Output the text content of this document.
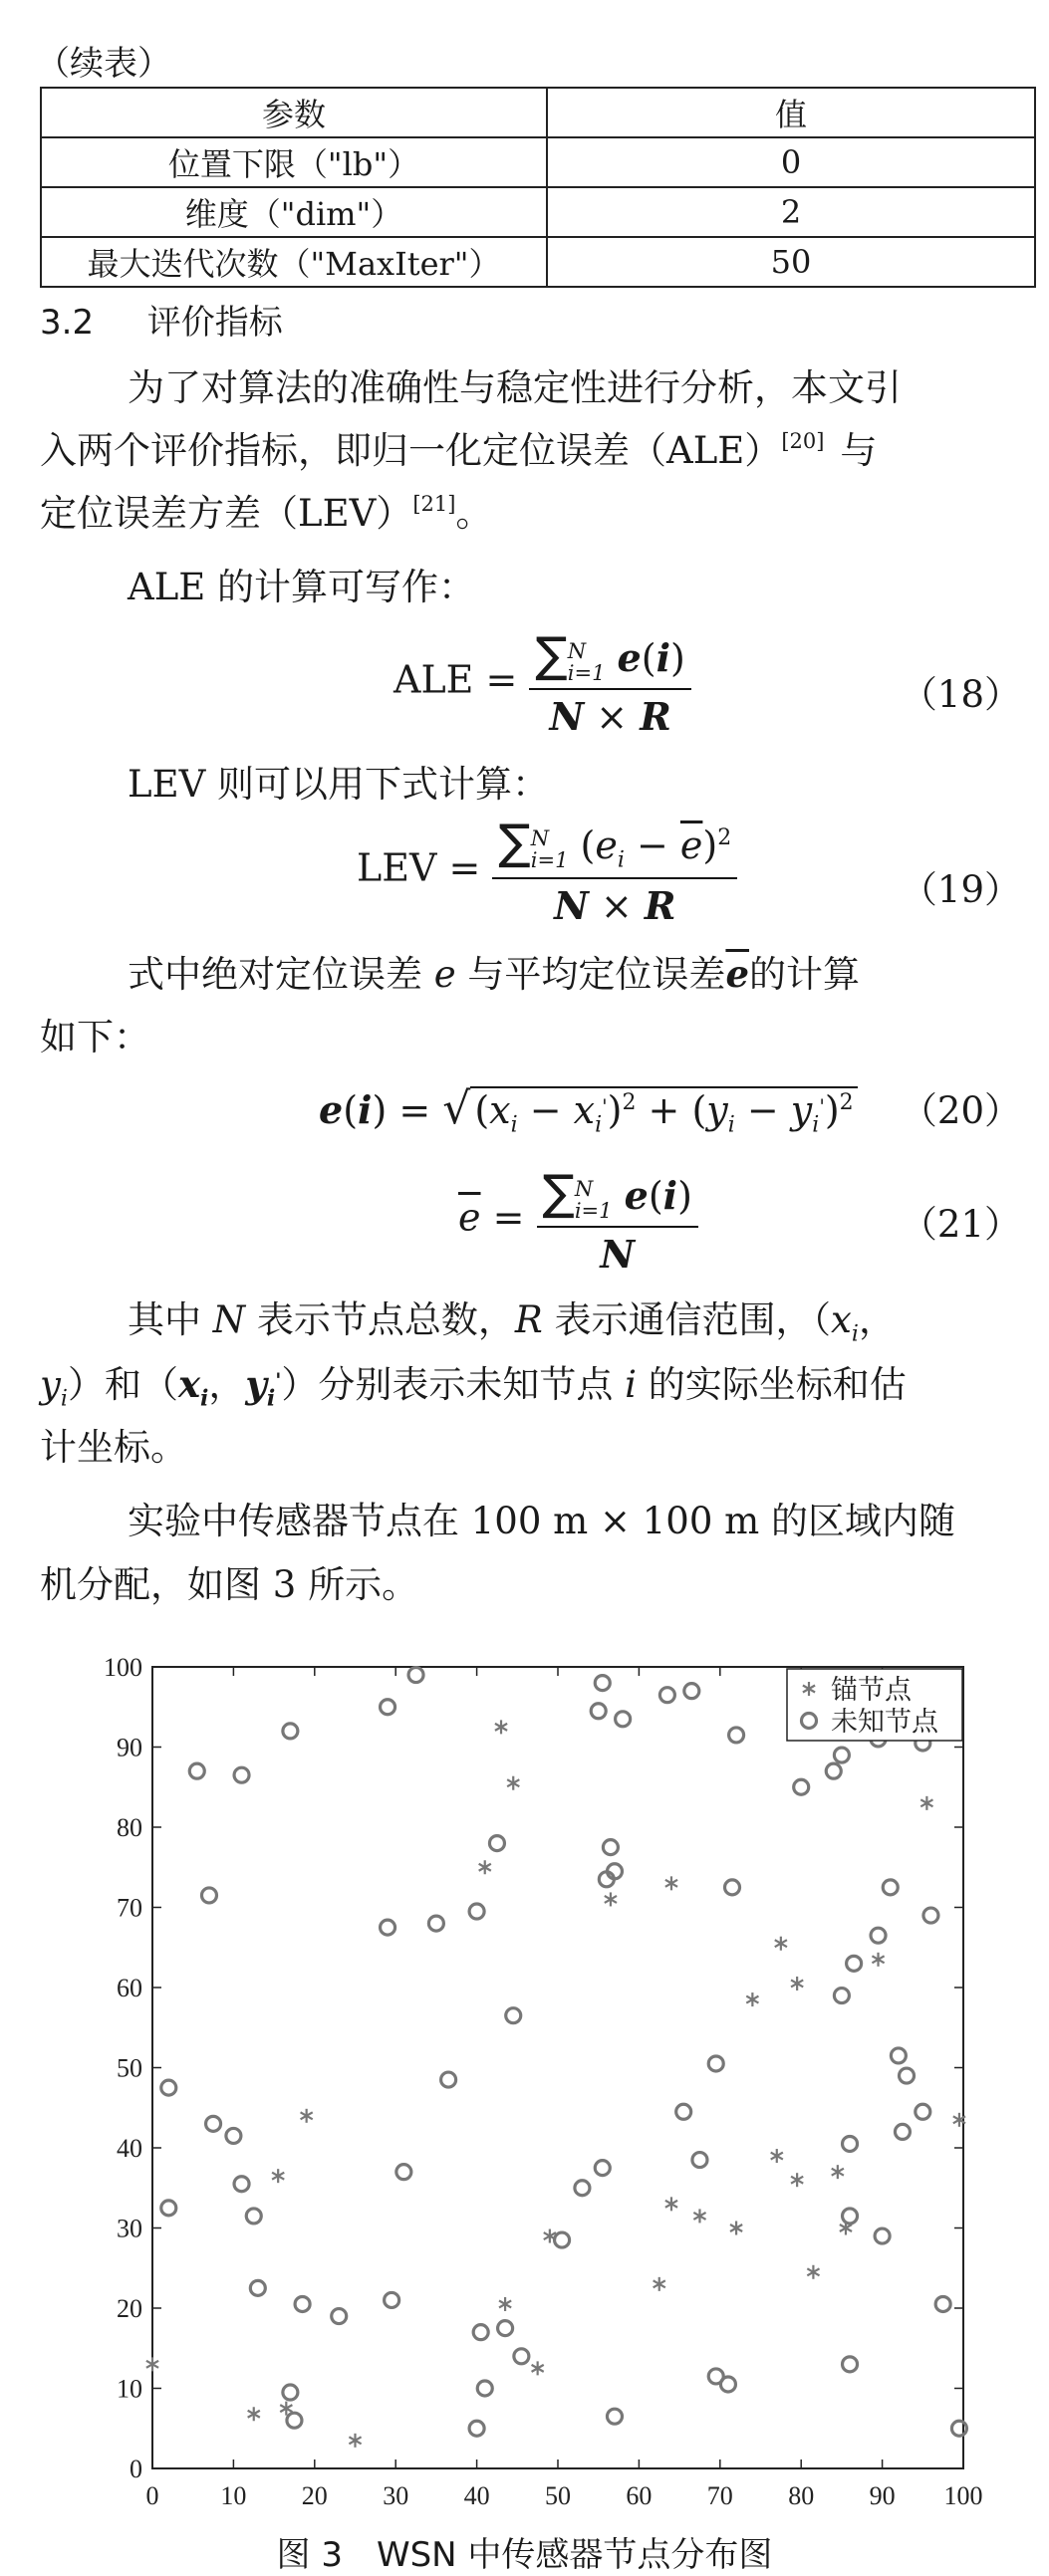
（续表）
参数	值
位置下限（"lb"）	0
维度（"dim"）	2
最大迭代次数（"MaxIter"）	50
3.2 评价指标
为了对算法的准确性与稳定性进行分析，本文引
入两个评价指标，即归一化定位误差（ALE）[20] 与
定位误差方差（LEV）[21]。
ALE 的计算可写作：
ALE = ∑ N
i=1 e(i)
N × R	（18）
LEV 则可以用下式计算：
LEV = ∑ N
i=1 $(e_i - \overline{e})^2$
N × R	（19）
式中绝对定位误差 e 与平均定位误差$\overline{e}$的计算
如下：
e(i) = √ $(x_i - x_i')^2 + (y_i - y_i')^2$ （20）
$\overline{e}$ = ∑ N
i=1 e(i)
N	（21）
其中 N 表示节点总数，R 表示通信范围，（$x_i$，
$y_i$）和（$x_i$，$y_i'$）分别表示未知节点 i 的实际坐标和估
计坐标。
实验中传感器节点在 100 m × 100 m 的区域内随
机分配，如图 3 所示。
0 10 20 30 40 50 60 70 80 90 100
0
10
20
30
40
50
60
70
80
90
100
锚节点
未知节点
图 3　WSN 中传感器节点分布图
